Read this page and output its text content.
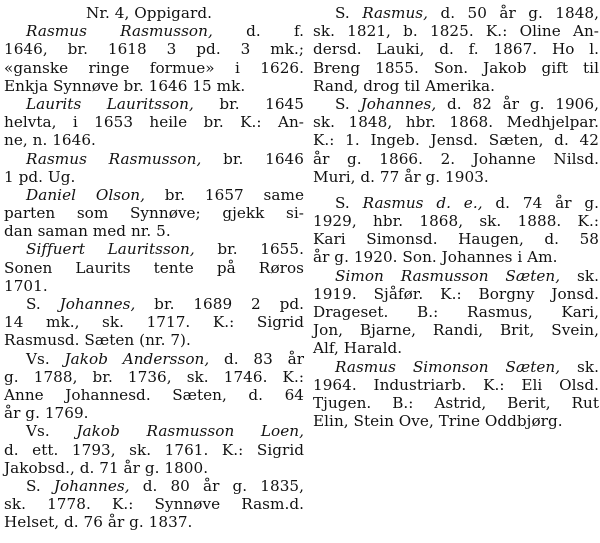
Nr. 4, Oppigard.
Rasmus Rasmusson, d. f.
1646, br. 1618 3 pd. 3 mk.;
«ganske ringe formue» i 1626.
Enkja Synnøve br. 1646 15 mk.
Laurits Lauritsson, br. 1645
helvta, i 1653 heile br. K.: An-
ne, n. 1646.
Rasmus Rasmusson, br. 1646
1 pd. Ug.
Daniel Olson, br. 1657 same
parten som Synnøve; gjekk si-
dan saman med nr. 5.
Siffuert Lauritsson, br. 1655.
Sonen Laurits tente på Røros
1701.
S. Johannes, br. 1689 2 pd.
14 mk., sk. 1717. K.: Sigrid
Rasmusd. Sæten (nr. 7).
Vs. Jakob Andersson, d. 83 år
g. 1788, br. 1736, sk. 1746. K.:
Anne Johannesd. Sæten, d. 64
år g. 1769.
Vs. Jakob Rasmusson Loen,
d. ett. 1793, sk. 1761. K.: Sigrid
Jakobsd., d. 71 år g. 1800.
S. Johannes, d. 80 år g. 1835,
sk. 1778. K.: Synnøve Rasm.d.
Helset, d. 76 år g. 1837.
S. Rasmus, d. 50 år g. 1848,
sk. 1821, b. 1825. K.: Oline An-
dersd. Lauki, d. f. 1867. Ho l.
Breng 1855. Son. Jakob gift til
Rand, drog til Amerika.
S. Johannes, d. 82 år g. 1906,
sk. 1848, hbr. 1868. Medhjelpar.
K.: 1. Ingeb. Jensd. Sæten, d. 42
år g. 1866. 2. Johanne Nilsd.
Muri, d. 77 år g. 1903.
S. Rasmus d. e., d. 74 år g.
1929, hbr. 1868, sk. 1888. K.:
Kari Simonsd. Haugen, d. 58
år g. 1920. Son. Johannes i Am.
Simon Rasmusson Sæten, sk.
1919. Sjåfør. K.: Borgny Jonsd.
Drageset. B.: Rasmus, Kari,
Jon, Bjarne, Randi, Brit, Svein,
Alf, Harald.
Rasmus Simonson Sæten, sk.
1964. Industriarb. K.: Eli Olsd.
Tjugen. B.: Astrid, Berit, Rut
Elin, Stein Ove, Trine Oddbjørg.
